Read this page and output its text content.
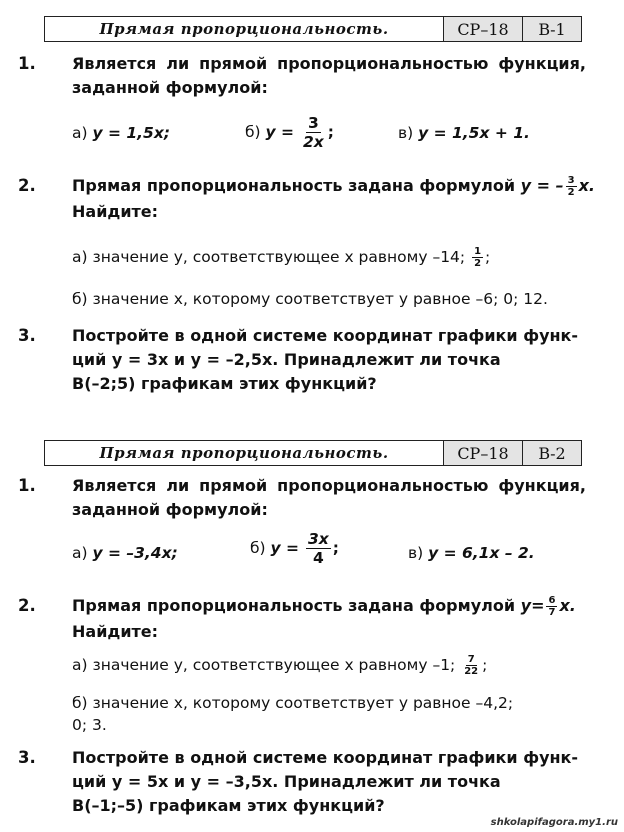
Прямая пропорциональность.	СР–18	В-1
1. Является ли прямой пропорциональностью функция, заданной формулой:
а) y = 1,5x;	б) $y = \frac{3}{2x}$ ;	в) y = 1,5x + 1.
2. Прямая пропорциональность задана формулой y = – $\frac{3}{2} x$.
Найдите:
а) значение y, соответствующее x равному –14; $\frac{1}{2}$ ;
б) значение x, которому соответствует y равное –6; 0; 12.
3. Постройте в одной системе координат графики функ-
ций y = 3x и y = –2,5x. Принадлежит ли точка
B(–2;5) графикам этих функций?
Прямая пропорциональность.	СР–18	В-2
1. Является ли прямой пропорциональностью функция, заданной формулой:
а) y = –3,4x;	б) $y = \frac{3x}{4}$ ;	в) y = 6,1x – 2.
2. Прямая пропорциональность задана формулой $y= \frac{6}{7} x$.
Найдите:
а) значение y, соответствующее x равному –1; $\frac{7}{22}$ ;
б) значение x, которому соответствует y равное –4,2;
0; 3.
3. Постройте в одной системе координат графики функ-
ций y = 5x и y = –3,5x. Принадлежит ли точка
B(–1;–5) графикам этих функций?
shkolapifagora.my1.ru
